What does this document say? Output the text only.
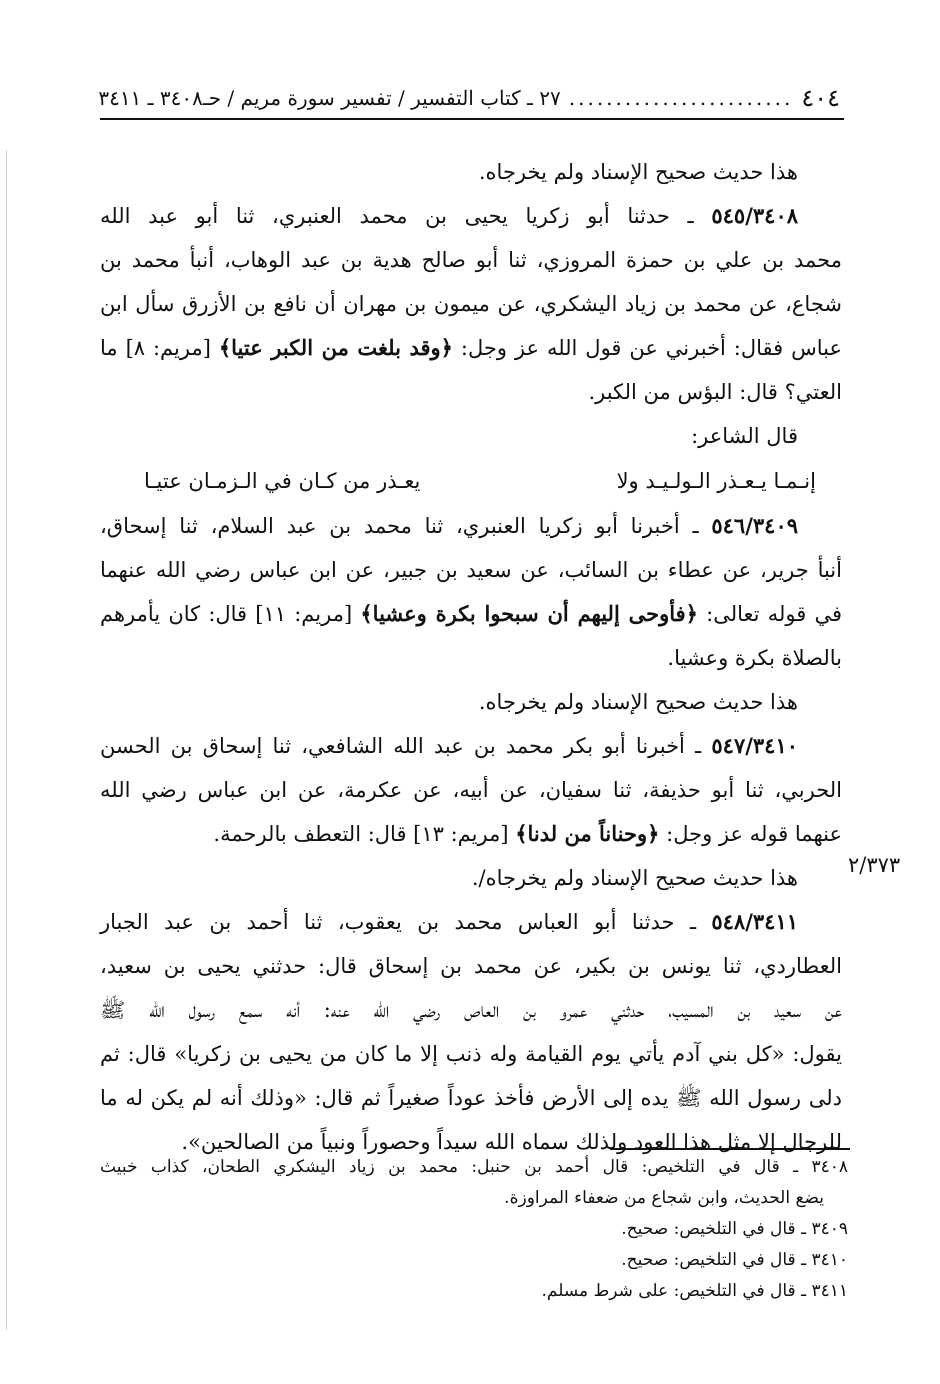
٤٠٤
........................
٢٧ ـ كتاب التفسير / تفسير سورة مريم / حـ٣٤٠٨ ـ ٣٤١١
٢/٣٧٣
هذا حديث صحيح الإسناد ولم يخرجاه.
٥٤٥/٣٤٠٨ ـ حدثنا أبو زكريا يحيى بن محمد العنبري، ثنا أبو عبد الله
محمد بن علي بن حمزة المروزي، ثنا أبو صالح هدية بن عبد الوهاب، أنبأ محمد بن
شجاع، عن محمد بن زياد اليشكري، عن ميمون بن مهران أن نافع بن الأزرق سأل ابن
عباس فقال: أخبرني عن قول الله عز وجل: ﴿وقد بلغت من الكبر عتيا﴾ [مريم: ٨] ما
العتي؟ قال: البؤس من الكبر.
قال الشاعر:
إنـمـا يـعـذر الـولـيـد ولا
يعـذر من كـان في الـزمـان عتيـا
٥٤٦/٣٤٠٩ ـ أخبرنا أبو زكريا العنبري، ثنا محمد بن عبد السلام، ثنا إسحاق،
أنبأ جرير، عن عطاء بن السائب، عن سعيد بن جبير، عن ابن عباس رضي الله عنهما
في قوله تعالى: ﴿فأوحى إليهم أن سبحوا بكرة وعشيا﴾ [مريم: ١١] قال: كان يأمرهم
بالصلاة بكرة وعشيا.
هذا حديث صحيح الإسناد ولم يخرجاه.
٥٤٧/٣٤١٠ ـ أخبرنا أبو بكر محمد بن عبد الله الشافعي، ثنا إسحاق بن الحسن
الحربي، ثنا أبو حذيفة، ثنا سفيان، عن أبيه، عن عكرمة، عن ابن عباس رضي الله
عنهما قوله عز وجل: ﴿وحناناً من لدنا﴾ [مريم: ١٣] قال: التعطف بالرحمة.
هذا حديث صحيح الإسناد ولم يخرجاه/.
٥٤٨/٣٤١١ ـ حدثنا أبو العباس محمد بن يعقوب، ثنا أحمد بن عبد الجبار
العطاردي، ثنا يونس بن بكير، عن محمد بن إسحاق قال: حدثني يحيى بن سعيد،
عن سعيد بن المسيب، حدثني عمرو بن العاص رضي الله عنه: أنه سمع رسول الله ﷺ
يقول: «كل بني آدم يأتي يوم القيامة وله ذنب إلا ما كان من يحيى بن زكريا» قال: ثم
دلى رسول الله ﷺ يده إلى الأرض فأخذ عوداً صغيراً ثم قال: «وذلك أنه لم يكن له ما
للرجال إلا مثل هذا العود ولذلك سماه الله سيداً وحصوراً ونبياً من الصالحين».
٣٤٠٨ ـ قال في التلخيص: قال أحمد بن حنبل: محمد بن زياد اليشكري الطحان، كذاب خبيث
يضع الحديث، وابن شجاع من ضعفاء المراوزة.
٣٤٠٩ ـ قال في التلخيص: صحيح.
٣٤١٠ ـ قال في التلخيص: صحيح.
٣٤١١ ـ قال في التلخيص: على شرط مسلم.
